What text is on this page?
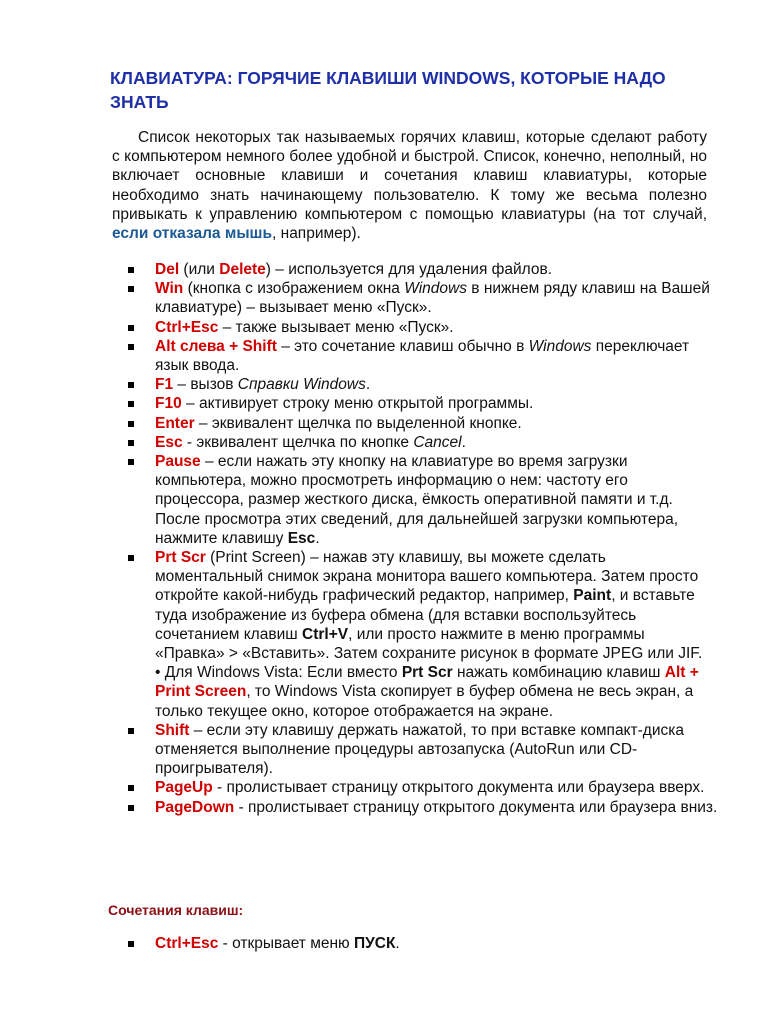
КЛАВИАТУРА: ГОРЯЧИЕ КЛАВИШИ WINDOWS, КОТОРЫЕ НАДО ЗНАТЬ

Список некоторых так называемых горячих клавиш, которые сделают работу с компьютером немного более удобной и быстрой. Список, конечно, неполный, но включает основные клавиши и сочетания клавиш клавиатуры, которые необходимо знать начинающему пользователю. К тому же весьма полезно привыкать к управлению компьютером с помощью клавиатуры (на тот случай, если отказала мышь, например).

Del (или Delete) – используется для удаления файлов.
Win (кнопка с изображением окна Windows в нижнем ряду клавиш на Вашей клавиатуре) – вызывает меню «Пуск».
Ctrl+Esc – также вызывает меню «Пуск».
Alt слева + Shift – это сочетание клавиш обычно в Windows переключает язык ввода.
F1 – вызов Справки Windows.
F10 – активирует строку меню открытой программы.
Enter – эквивалент щелчка по выделенной кнопке.
Esc - эквивалент щелчка по кнопке Cancel.
Pause – если нажать эту кнопку на клавиатуре во время загрузки компьютера, можно просмотреть информацию о нем: частоту его процессора, размер жесткого диска, ёмкость оперативной памяти и т.д. После просмотра этих сведений, для дальнейшей загрузки компьютера, нажмите клавишу Esc.
Prt Scr (Print Screen) – нажав эту клавишу, вы можете сделать моментальный снимок экрана монитора вашего компьютера. Затем просто откройте какой-нибудь графический редактор, например, Paint, и вставьте туда изображение из буфера обмена (для вставки воспользуйтесь сочетанием клавиш Ctrl+V, или просто нажмите в меню программы «Правка» > «Вставить». Затем сохраните рисунок в формате JPEG или JIF.
• Для Windows Vista: Если вместо Prt Scr нажать комбинацию клавиш Alt + Print Screen, то Windows Vista скопирует в буфер обмена не весь экран, а только текущее окно, которое отображается на экране.
Shift – если эту клавишу держать нажатой, то при вставке компакт-диска отменяется выполнение процедуры автозапуска (AutoRun или CD-проигрывателя).
PageUp - пролистывает страницу открытого документа или браузера вверх.
PageDown - пролистывает страницу открытого документа или браузера вниз.
Сочетания клавиш:
Ctrl+Esc - открывает меню ПУСК.
